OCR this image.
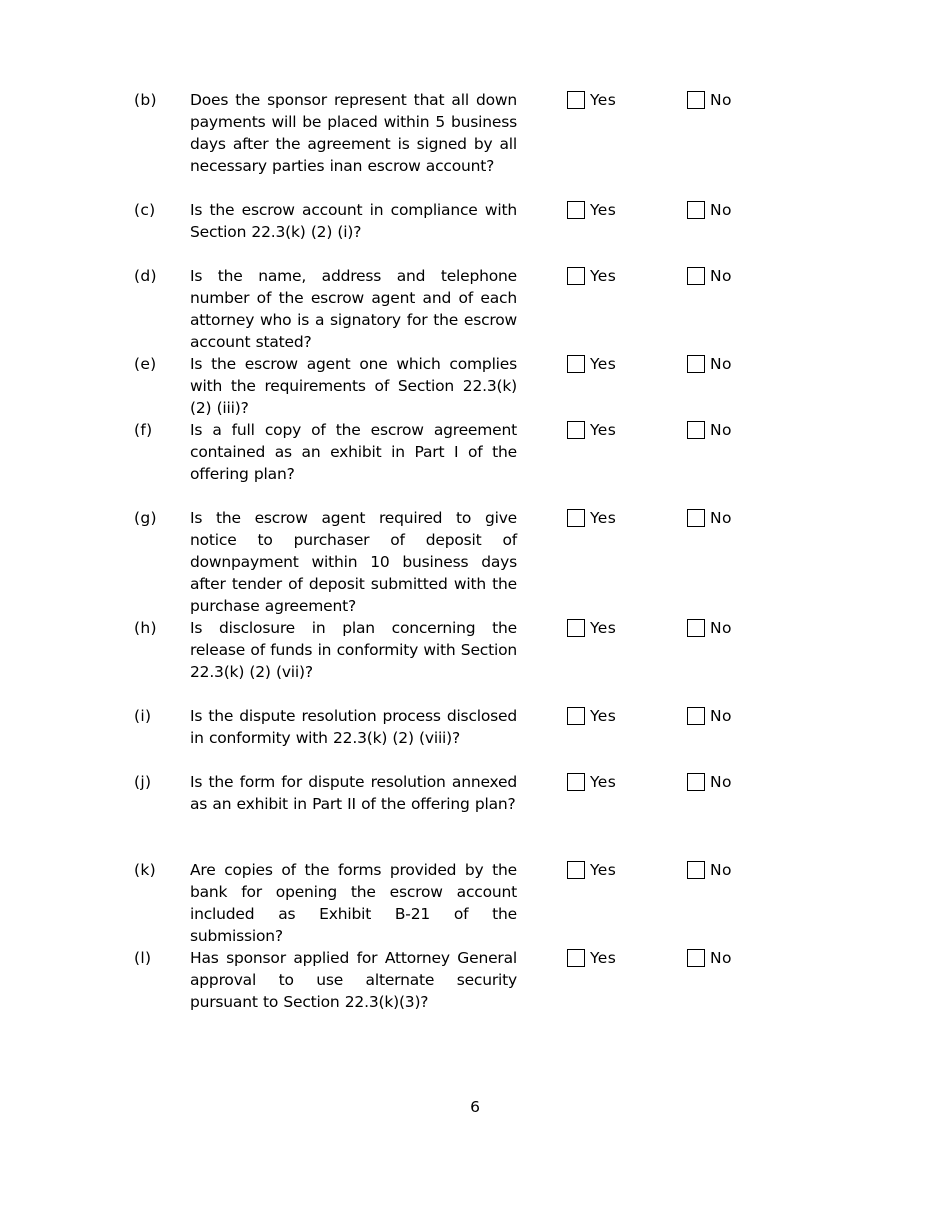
(b) Does the sponsor represent that all down payments will be placed within 5 business days after the agreement is signed by all necessary parties inan escrow account?
Yes	No
(c) Is the escrow account in compliance with Section 22.3(k) (2) (i)?
Yes	No
(d) Is the name, address and telephone number of the escrow agent and of each attorney who is a signatory for the escrow account stated?
Yes	No
(e) Is the escrow agent one which complies with the requirements of Section 22.3(k)(2) (iii)?
Yes	No
(f) Is a full copy of the escrow agreement contained as an exhibit in Part I of the offering plan?
Yes	No
(g) Is the escrow agent required to give notice to purchaser of deposit of downpayment within 10 business days after tender of deposit submitted with the purchase agreement?
Yes	No
(h) Is disclosure in plan concerning the release of funds in conformity with Section 22.3(k) (2) (vii)?
Yes	No
(i) Is the dispute resolution process disclosed in conformity with 22.3(k) (2) (viii)?
Yes	No
(j) Is the form for dispute resolution annexed as an exhibit in Part II of the offering plan?
Yes	No
(k) Are copies of the forms provided by the bank for opening the escrow account included as Exhibit B-21 of the submission?
Yes	No
(l) Has sponsor applied for Attorney General approval to use alternate security pursuant to Section 22.3(k)(3)?
Yes	No
6
